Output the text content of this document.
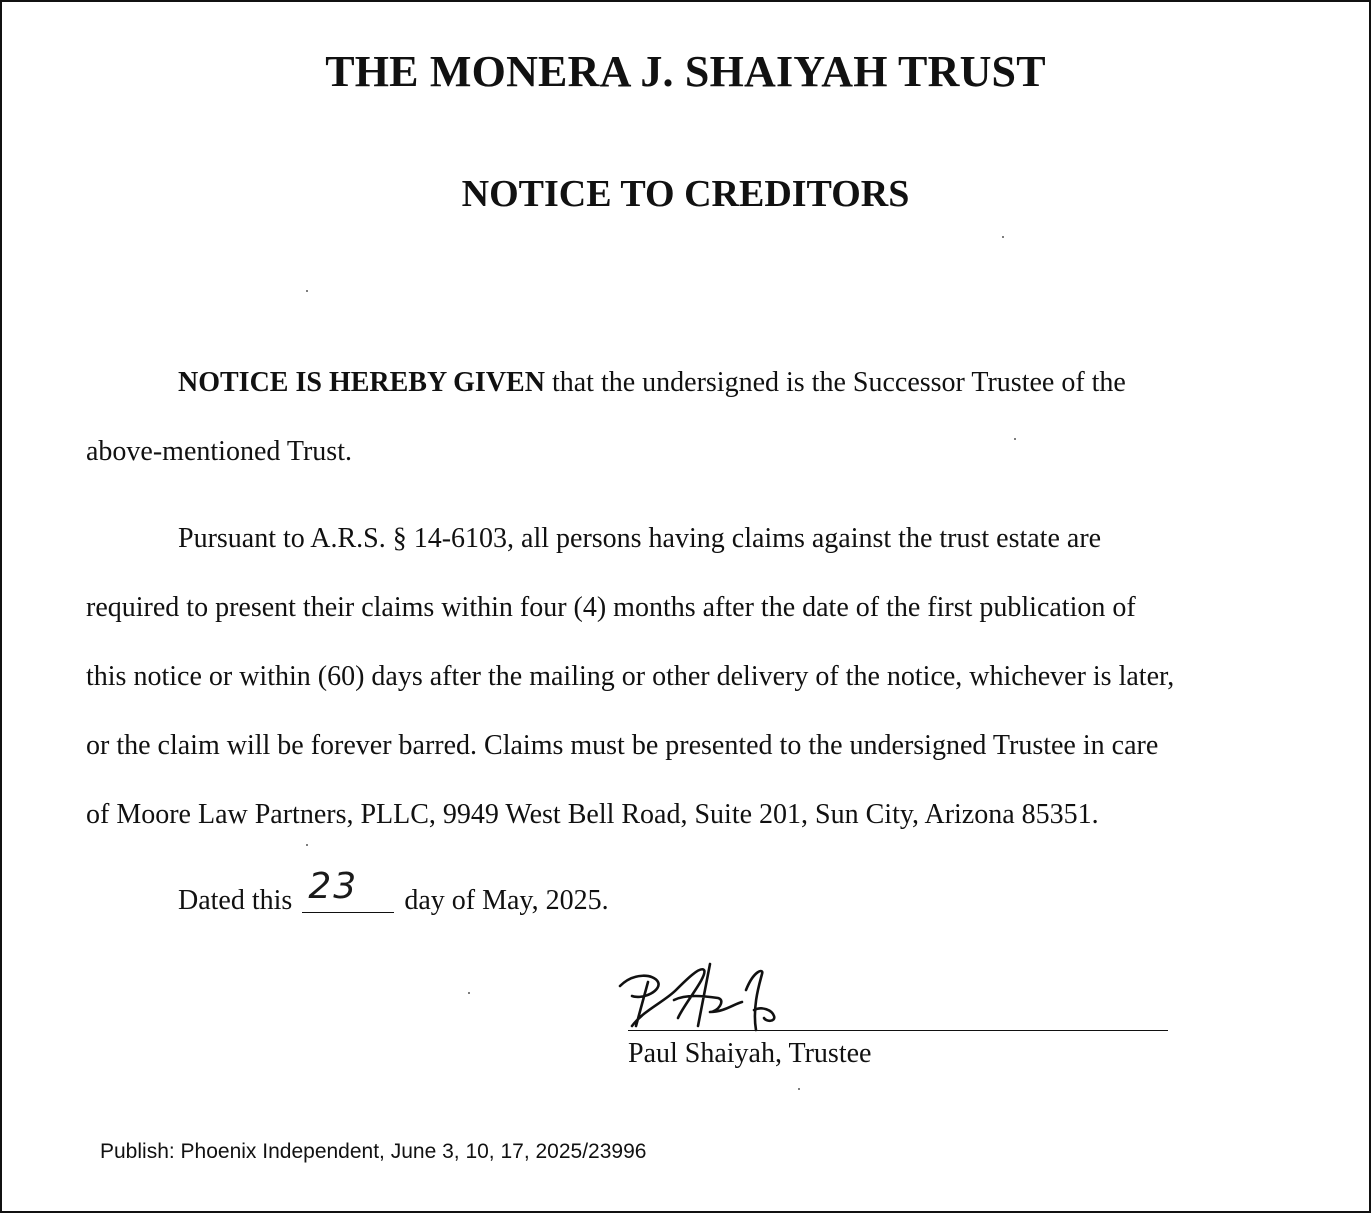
THE MONERA J. SHAIYAH TRUST
NOTICE TO CREDITORS

NOTICE IS HEREBY GIVEN that the undersigned is the Successor Trustee of the
above-mentioned Trust.

Pursuant to A.R.S. § 14-6103, all persons having claims against the trust estate are
required to present their claims within four (4) months after the date of the first publication of
this notice or within (60) days after the mailing or other delivery of the notice, whichever is later,
or the claim will be forever barred. Claims must be presented to the undersigned Trustee in care
of Moore Law Partners, PLLC, 9949 West Bell Road, Suite 201, Sun City, Arizona 85351.

Dated this 23 day of May, 2025.
Paul Shaiyah, Trustee
Publish: Phoenix Independent, June 3, 10, 17, 2025/23996
